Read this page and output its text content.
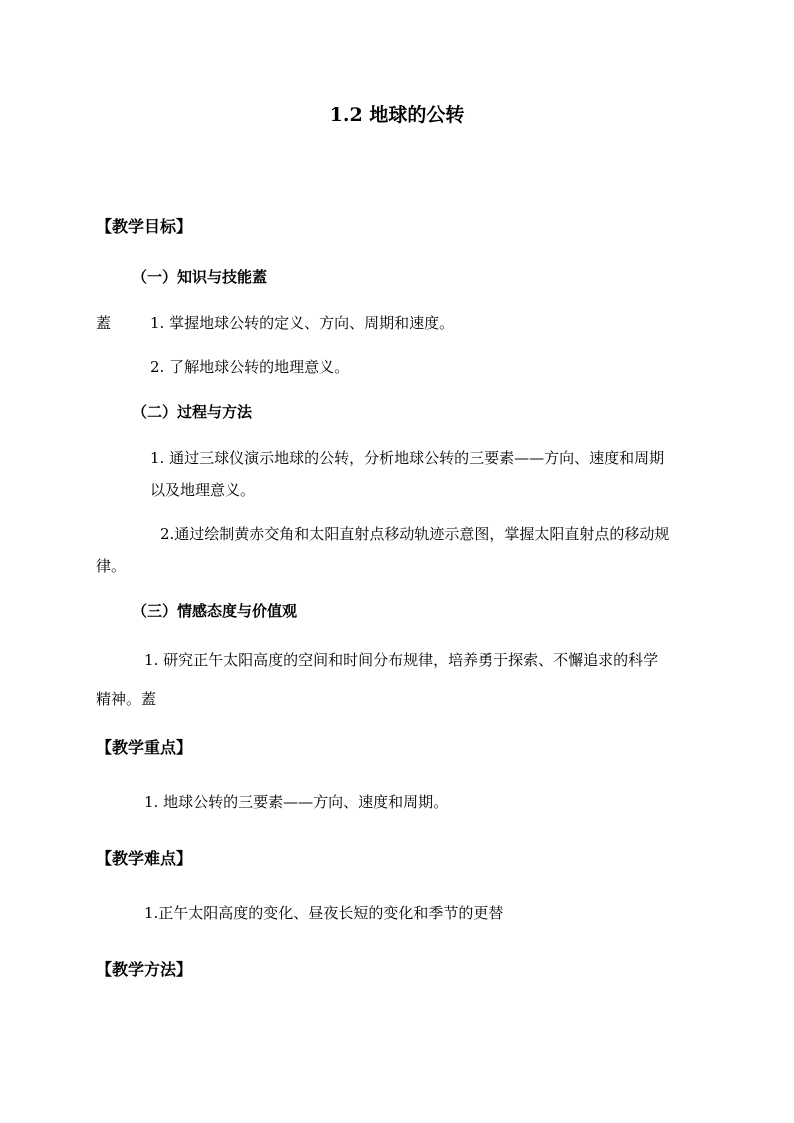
1.2 地球的公转
【教学目标】
（一）知识与技能蓋
蓋	1. 掌握地球公转的定义、方向、周期和速度。
2. 了解地球公转的地理意义。
（二）过程与方法
1. 通过三球仪演示地球的公转，分析地球公转的三要素——方向、速度和周期
以及地理意义。
2.通过绘制黄赤交角和太阳直射点移动轨迹示意图，掌握太阳直射点的移动规
律。
（三）情感态度与价值观
1. 研究正午太阳高度的空间和时间分布规律，培养勇于探索、不懈追求的科学
精神。蓋
【教学重点】
1. 地球公转的三要素——方向、速度和周期。
【教学难点】
1.正午太阳高度的变化、昼夜长短的变化和季节的更替
【教学方法】
